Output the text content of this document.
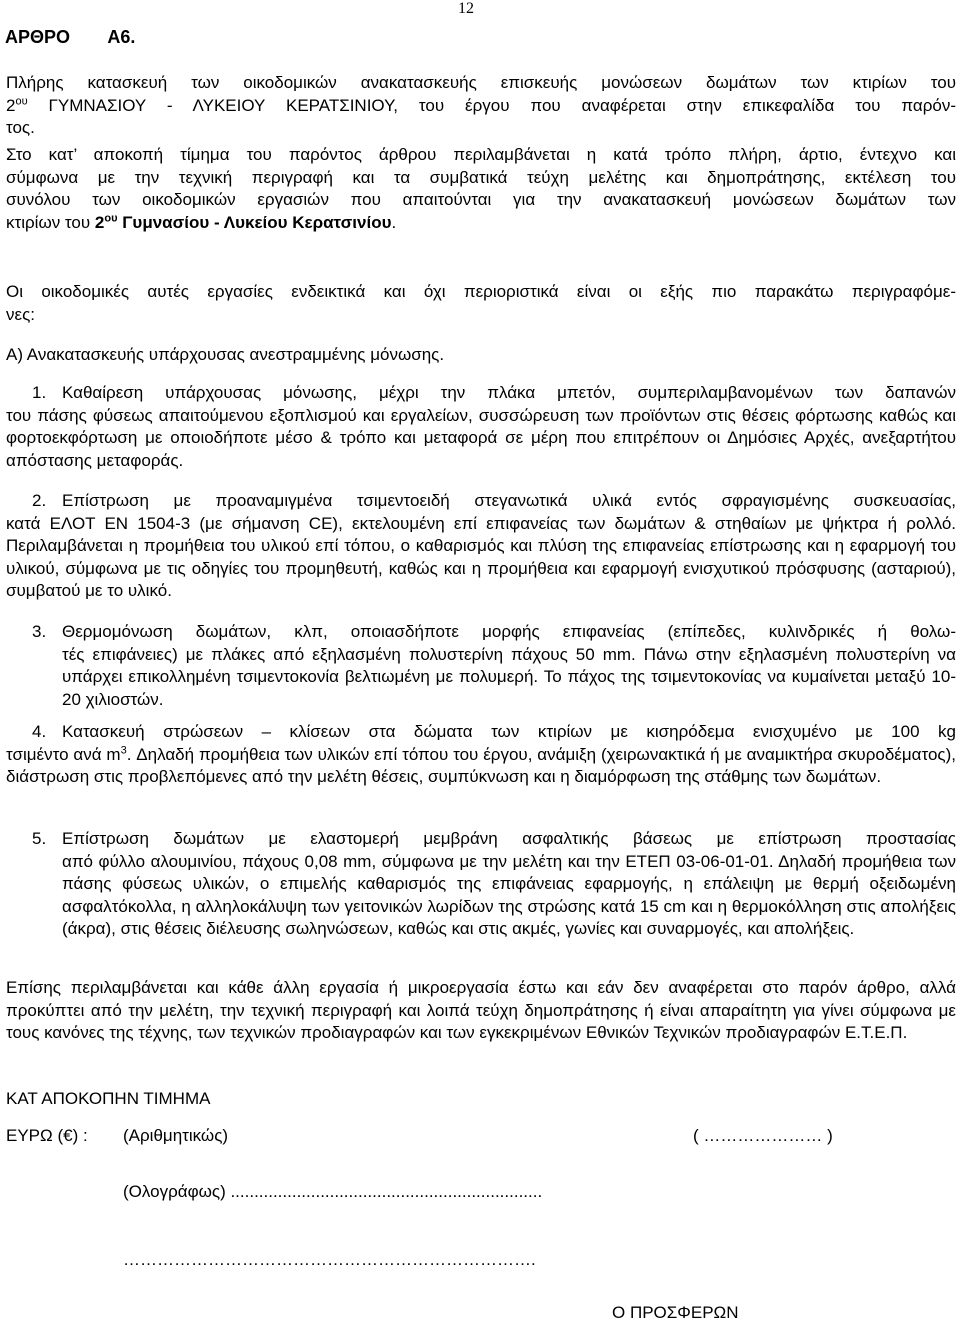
12
ΑΡΘΡΟ Α6.
Πλήρης κατασκευή των οικοδομικών ανακατασκευής επισκευής μονώσεων δωμάτων των κτιρίων του
$2^{o\upsilon}$ ΓΥΜΝΑΣΙΟΥ - ΛΥΚΕΙΟΥ ΚΕΡΑΤΣΙΝΙΟΥ, του έργου που αναφέρεται στην επικεφαλίδα του παρόν-
τος.
Στο κατ’ αποκοπή τίμημα του παρόντος άρθρου περιλαμβάνεται η κατά τρόπο πλήρη, άρτιο, έντεχνο και
σύμφωνα με την τεχνική περιγραφή και τα συμβατικά τεύχη μελέτης και δημοπράτησης, εκτέλεση του
συνόλου των οικοδομικών εργασιών που απαιτούνται για την ανακατασκευή μονώσεων δωμάτων των
κτιρίων του $2^{o\upsilon}$ Γυμνασίου - Λυκείου Κερατσινίου.
Οι οικοδομικές αυτές εργασίες ενδεικτικά και όχι περιοριστικά είναι οι εξής πιο παρακάτω περιγραφόμε-
νες:
Α) Ανακατασκευής υπάρχουσας ανεστραμμένης μόνωσης.
1. Καθαίρεση υπάρχουσας μόνωσης, μέχρι την πλάκα μπετόν, συμπεριλαμβανομένων των δαπανών
του πάσης φύσεως απαιτούμενου εξοπλισμού και εργαλείων, συσσώρευση των προϊόντων στις θέσεις φόρτωσης καθώς και φορτοεκφόρτωση με οποιοδήποτε μέσο & τρόπο και μεταφορά σε μέρη που επιτρέπουν οι Δημόσιες Αρχές, ανεξαρτήτου απόστασης μεταφοράς.
2. Επίστρωση με προαναμιγμένα τσιμεντοειδή στεγανωτικά υλικά εντός σφραγισμένης συσκευασίας,
κατά ΕΛΟΤ ΕΝ 1504-3 (με σήμανση CE), εκτελουμένη επί επιφανείας των δωμάτων & στηθαίων με ψήκτρα ή ρολλό. Περιλαμβάνεται η προμήθεια του υλικού επί τόπου, ο καθαρισμός και πλύση της επιφανείας επίστρωσης και η εφαρμογή του υλικού, σύμφωνα με τις οδηγίες του προμηθευτή, καθώς και η προμήθεια και εφαρμογή ενισχυτικού πρόσφυσης (ασταριού), συμβατού με το υλικό.
3. Θερμομόνωση δωμάτων, κλπ, οποιασδήποτε μορφής επιφανείας (επίπεδες, κυλινδρικές ή θολω-
τές επιφάνειες) με πλάκες από εξηλασμένη πολυστερίνη πάχους 50 mm. Πάνω στην εξηλασμένη πολυστερίνη να υπάρχει επικολλημένη τσιμεντοκονία βελτιωμένη με πολυμερή. Το πάχος της τσιμεντοκονίας να κυμαίνεται μεταξύ 10-20 χιλιοστών.
4. Κατασκευή στρώσεων – κλίσεων στα δώματα των κτιρίων με κισηρόδεμα ενισχυμένο με 100 kg
τσιμέντο ανά $m^3$. Δηλαδή προμήθεια των υλικών επί τόπου του έργου, ανάμιξη (χειρωνακτικά ή με αναμικτήρα σκυροδέματος), διάστρωση στις προβλεπόμενες από την μελέτη θέσεις, συμπύκνωση και η διαμόρφωση της στάθμης των δωμάτων.
5. Επίστρωση δωμάτων με ελαστομερή μεμβράνη ασφαλτικής βάσεως με επίστρωση προστασίας
από φύλλο αλουμινίου, πάχους 0,08 mm, σύμφωνα με την μελέτη και την ΕΤΕΠ 03-06-01-01. Δηλαδή προμήθεια των πάσης φύσεως υλικών, ο επιμελής καθαρισμός της επιφάνειας εφαρμογής, η επάλειψη με θερμή οξειδωμένη ασφαλτόκολλα, η αλληλοκάλυψη των γειτονικών λωρίδων της στρώσης κατά 15 cm και η θερμοκόλληση στις απολήξεις (άκρα), στις θέσεις διέλευσης σωληνώσεων, καθώς και στις ακμές, γωνίες και συναρμογές, και απολήξεις.
Επίσης περιλαμβάνεται και κάθε άλλη εργασία ή μικροεργασία έστω και εάν δεν αναφέρεται στο παρόν άρθρο, αλλά προκύπτει από την μελέτη, την τεχνική περιγραφή και λοιπά τεύχη δημοπράτησης ή είναι απαραίτητη για γίνει σύμφωνα με τους κανόνες της τέχνης, των τεχνικών προδιαγραφών και των εγκεκριμένων Εθνικών Τεχνικών προδιαγραφών Ε.Τ.Ε.Π.
ΚΑΤ ΑΠΟΚΟΠΗΝ ΤΙΜΗΜΑ
ΕΥΡΩ (€) : (Αριθμητικώς)	( ………………… )
(Ολογράφως) ..................................................................
……………………………………………………………….
Ο ΠΡΟΣΦΕΡΩΝ
